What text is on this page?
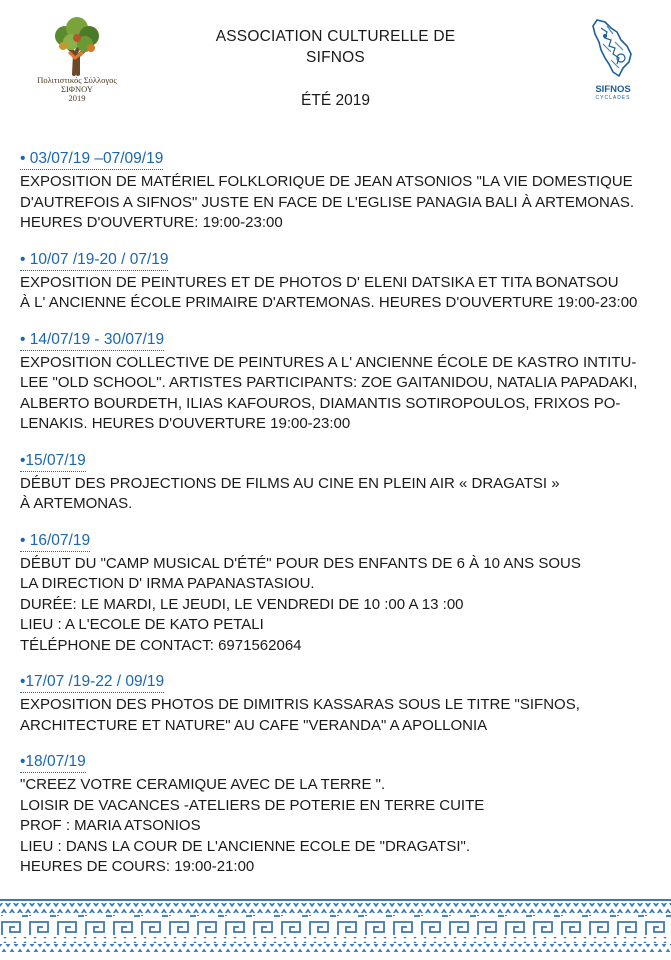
Πολιτιστικός Σύλλογος
ΣΙΦΝΟΥ
2019
ASSOCIATION CULTURELLE DE
SIFNOS
ÉTÉ 2019
SIFNOS
CYCLADES
• 03/07/19 –07/09/19
EXPOSITION DE MATÉRIEL FOLKLORIQUE DE JEAN ATSONIOS "LA VIE DOMESTIQUE
D'AUTREFOIS A SIFNOS" JUSTE EN FACE DE L'EGLISE PANAGIA BALI À ARTEMONAS.
HEURES D'OUVERTURE: 19:00-23:00
• 10/07 /19-20 / 07/19
EXPOSITION DE PEINTURES ET DE PHOTOS D' ELENI DATSIKA ET TITA BONATSOU
À L' ANCIENNE ÉCOLE PRIMAIRE D'ARTEMONAS. HEURES D'OUVERTURE 19:00-23:00
• 14/07/19 - 30/07/19
EXPOSITION COLLECTIVE DE PEINTURES A L' ANCIENNE ÉCOLE DE KASTRO INTITU-
LEE "OLD SCHOOL". ARTISTES PARTICIPANTS: ZOE GAITANIDOU, NATALIA PAPADAKI,
ALBERTO BOURDETH, ILIAS KAFOUROS, DIAMANTIS SOTIROPOULOS, FRIXOS PO-
LENAKIS. HEURES D'OUVERTURE 19:00-23:00
•15/07/19
DÉBUT DES PROJECTIONS DE FILMS AU CINE EN PLEIN AIR « DRAGATSI »
À ARTEMONAS.
• 16/07/19
DÉBUT DU "CAMP MUSICAL D'ÉTÉ" POUR DES ENFANTS DE 6 À 10 ANS SOUS
LA DIRECTION D' IRMA PAPANASTASIOU.
DURÉE: LE MARDI, LE JEUDI, LE VENDREDI DE 10 :00 A 13 :00
LIEU : A L'ECOLE DE KATO PETALI
TÉLÉPHONE DE CONTACT: 6971562064
•17/07 /19-22 / 09/19
EXPOSITION DES PHOTOS DE DIMITRIS KASSARAS SOUS LE TITRE "SIFNOS,
ARCHITECTURE ET NATURE" AU CAFE "VERANDA" A APOLLONIA
•18/07/19
"CREEZ VOTRE CERAMIQUE AVEC DE LA TERRE ".
LOISIR DE VACANCES -ATELIERS DE POTERIE EN TERRE CUITE
PROF : MARIA ATSONIOS
LIEU : DANS LA COUR DE L'ANCIENNE ECOLE DE "DRAGATSI".
HEURES DE COURS: 19:00-21:00
